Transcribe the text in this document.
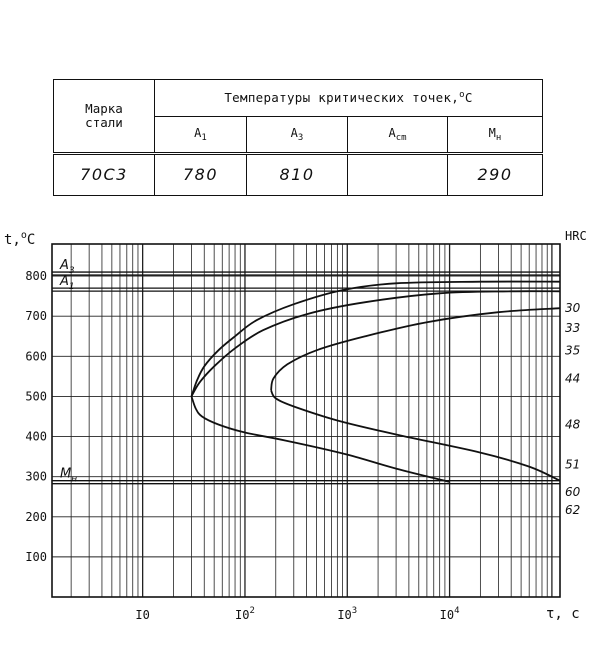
Марка
стали	Температуры критических точек,$^o$C			
	$A_1$	$A_3$	$A_{cm}$	$M_н$
70С3	780	810		290
I00
200
300
400
500
600
700
800
I0	$I0^2$	$I0^3$	$I0^4$
$A_3$
$A_1$
$M_н$
30
33
35
44
48
51
60
62
t,$^o$C	HRC
τ, с
